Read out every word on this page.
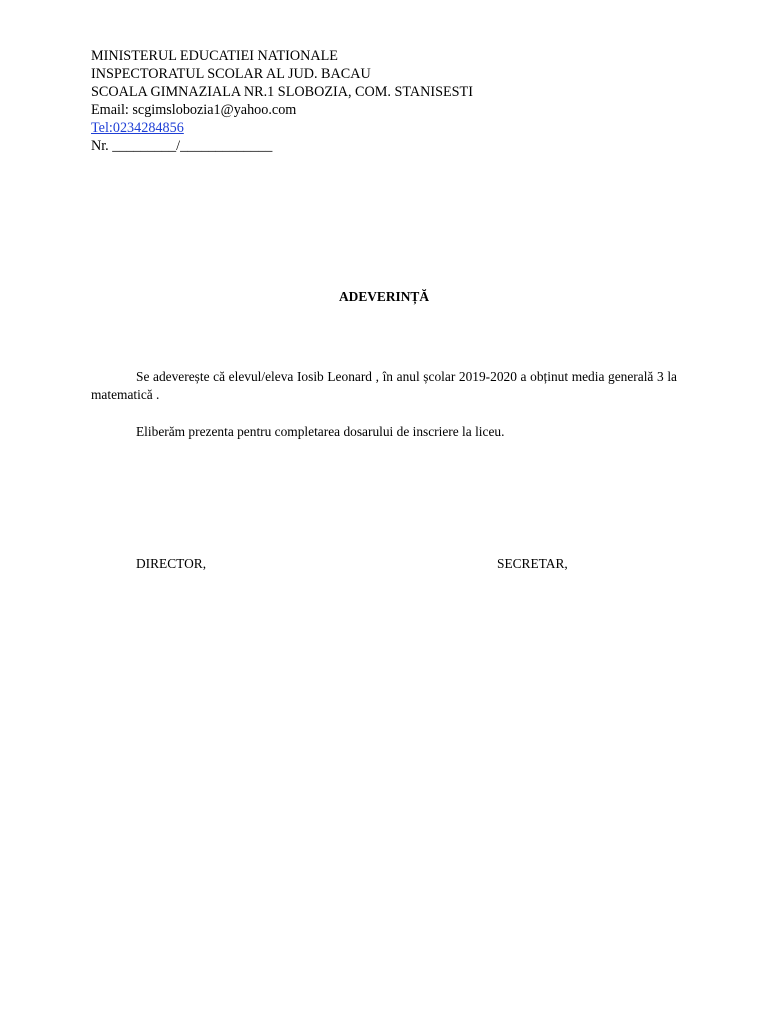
MINISTERUL EDUCATIEI NATIONALE
INSPECTORATUL SCOLAR AL JUD. BACAU
SCOALA GIMNAZIALA NR.1 SLOBOZIA, COM. STANISESTI
Email: scgimslobozia1@yahoo.com
Tel:0234284856
Nr. _________/_____________
ADEVERINȚĂ
Se adeverește că elevul/eleva Iosib Leonard , în anul școlar 2019-2020 a obținut media generală 3 la matematică .
Eliberăm prezenta pentru completarea dosarului de inscriere la liceu.
DIRECTOR,	SECRETAR,
